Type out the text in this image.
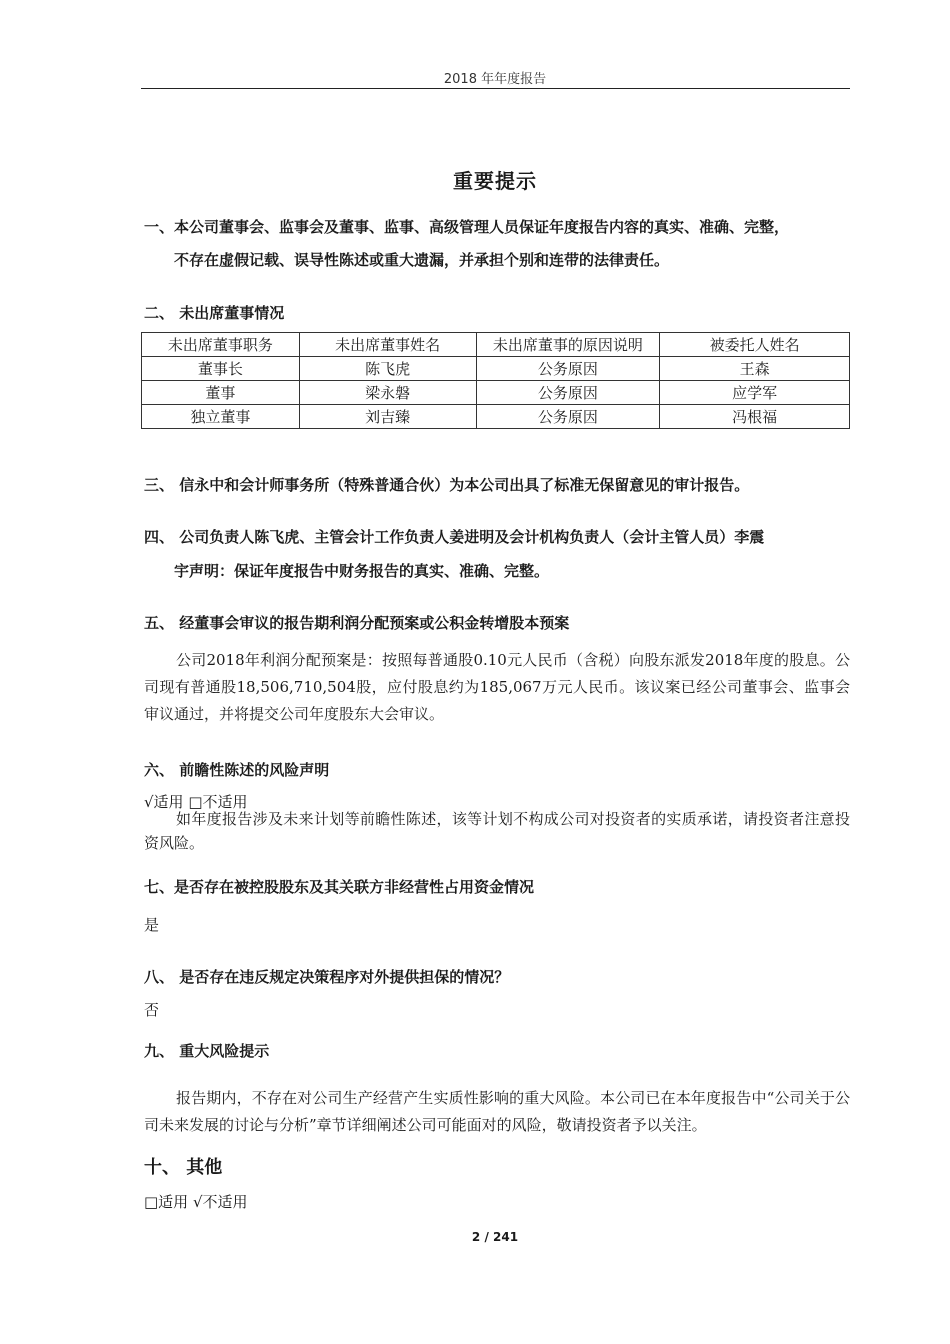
2018 年年度报告
重要提示
一、本公司董事会、监事会及董事、监事、高级管理人员保证年度报告内容的真实、准确、完整，
不存在虚假记载、误导性陈述或重大遗漏，并承担个别和连带的法律责任。
二、 未出席董事情况
未出席董事职务	未出席董事姓名	未出席董事的原因说明	被委托人姓名
董事长	陈飞虎	公务原因	王森
董事	梁永磐	公务原因	应学军
独立董事	刘吉臻	公务原因	冯根福
三、 信永中和会计师事务所（特殊普通合伙）为本公司出具了标准无保留意见的审计报告。
四、 公司负责人陈飞虎、主管会计工作负责人姜进明及会计机构负责人（会计主管人员）李震
宇声明：保证年度报告中财务报告的真实、准确、完整。
五、 经董事会审议的报告期利润分配预案或公积金转增股本预案

公司2018年利润分配预案是：按照每普通股0.10元人民币（含税）向股东派发2018年度的股息。公司现有普通股18,506,710,504股，应付股息约为185,067万元人民币。该议案已经公司董事会、监事会审议通过，并将提交公司年度股东大会审议。

六、 前瞻性陈述的风险声明
√适用 □不适用

如年度报告涉及未来计划等前瞻性陈述，该等计划不构成公司对投资者的实质承诺，请投资者注意投资风险。

七、是否存在被控股股东及其关联方非经营性占用资金情况
是
八、 是否存在违反规定决策程序对外提供担保的情况？
否
九、 重大风险提示

报告期内，不存在对公司生产经营产生实质性影响的重大风险。本公司已在本年度报告中“公司关于公司未来发展的讨论与分析”章节详细阐述公司可能面对的风险，敬请投资者予以关注。

十、 其他
□适用 √不适用
2 / 241
